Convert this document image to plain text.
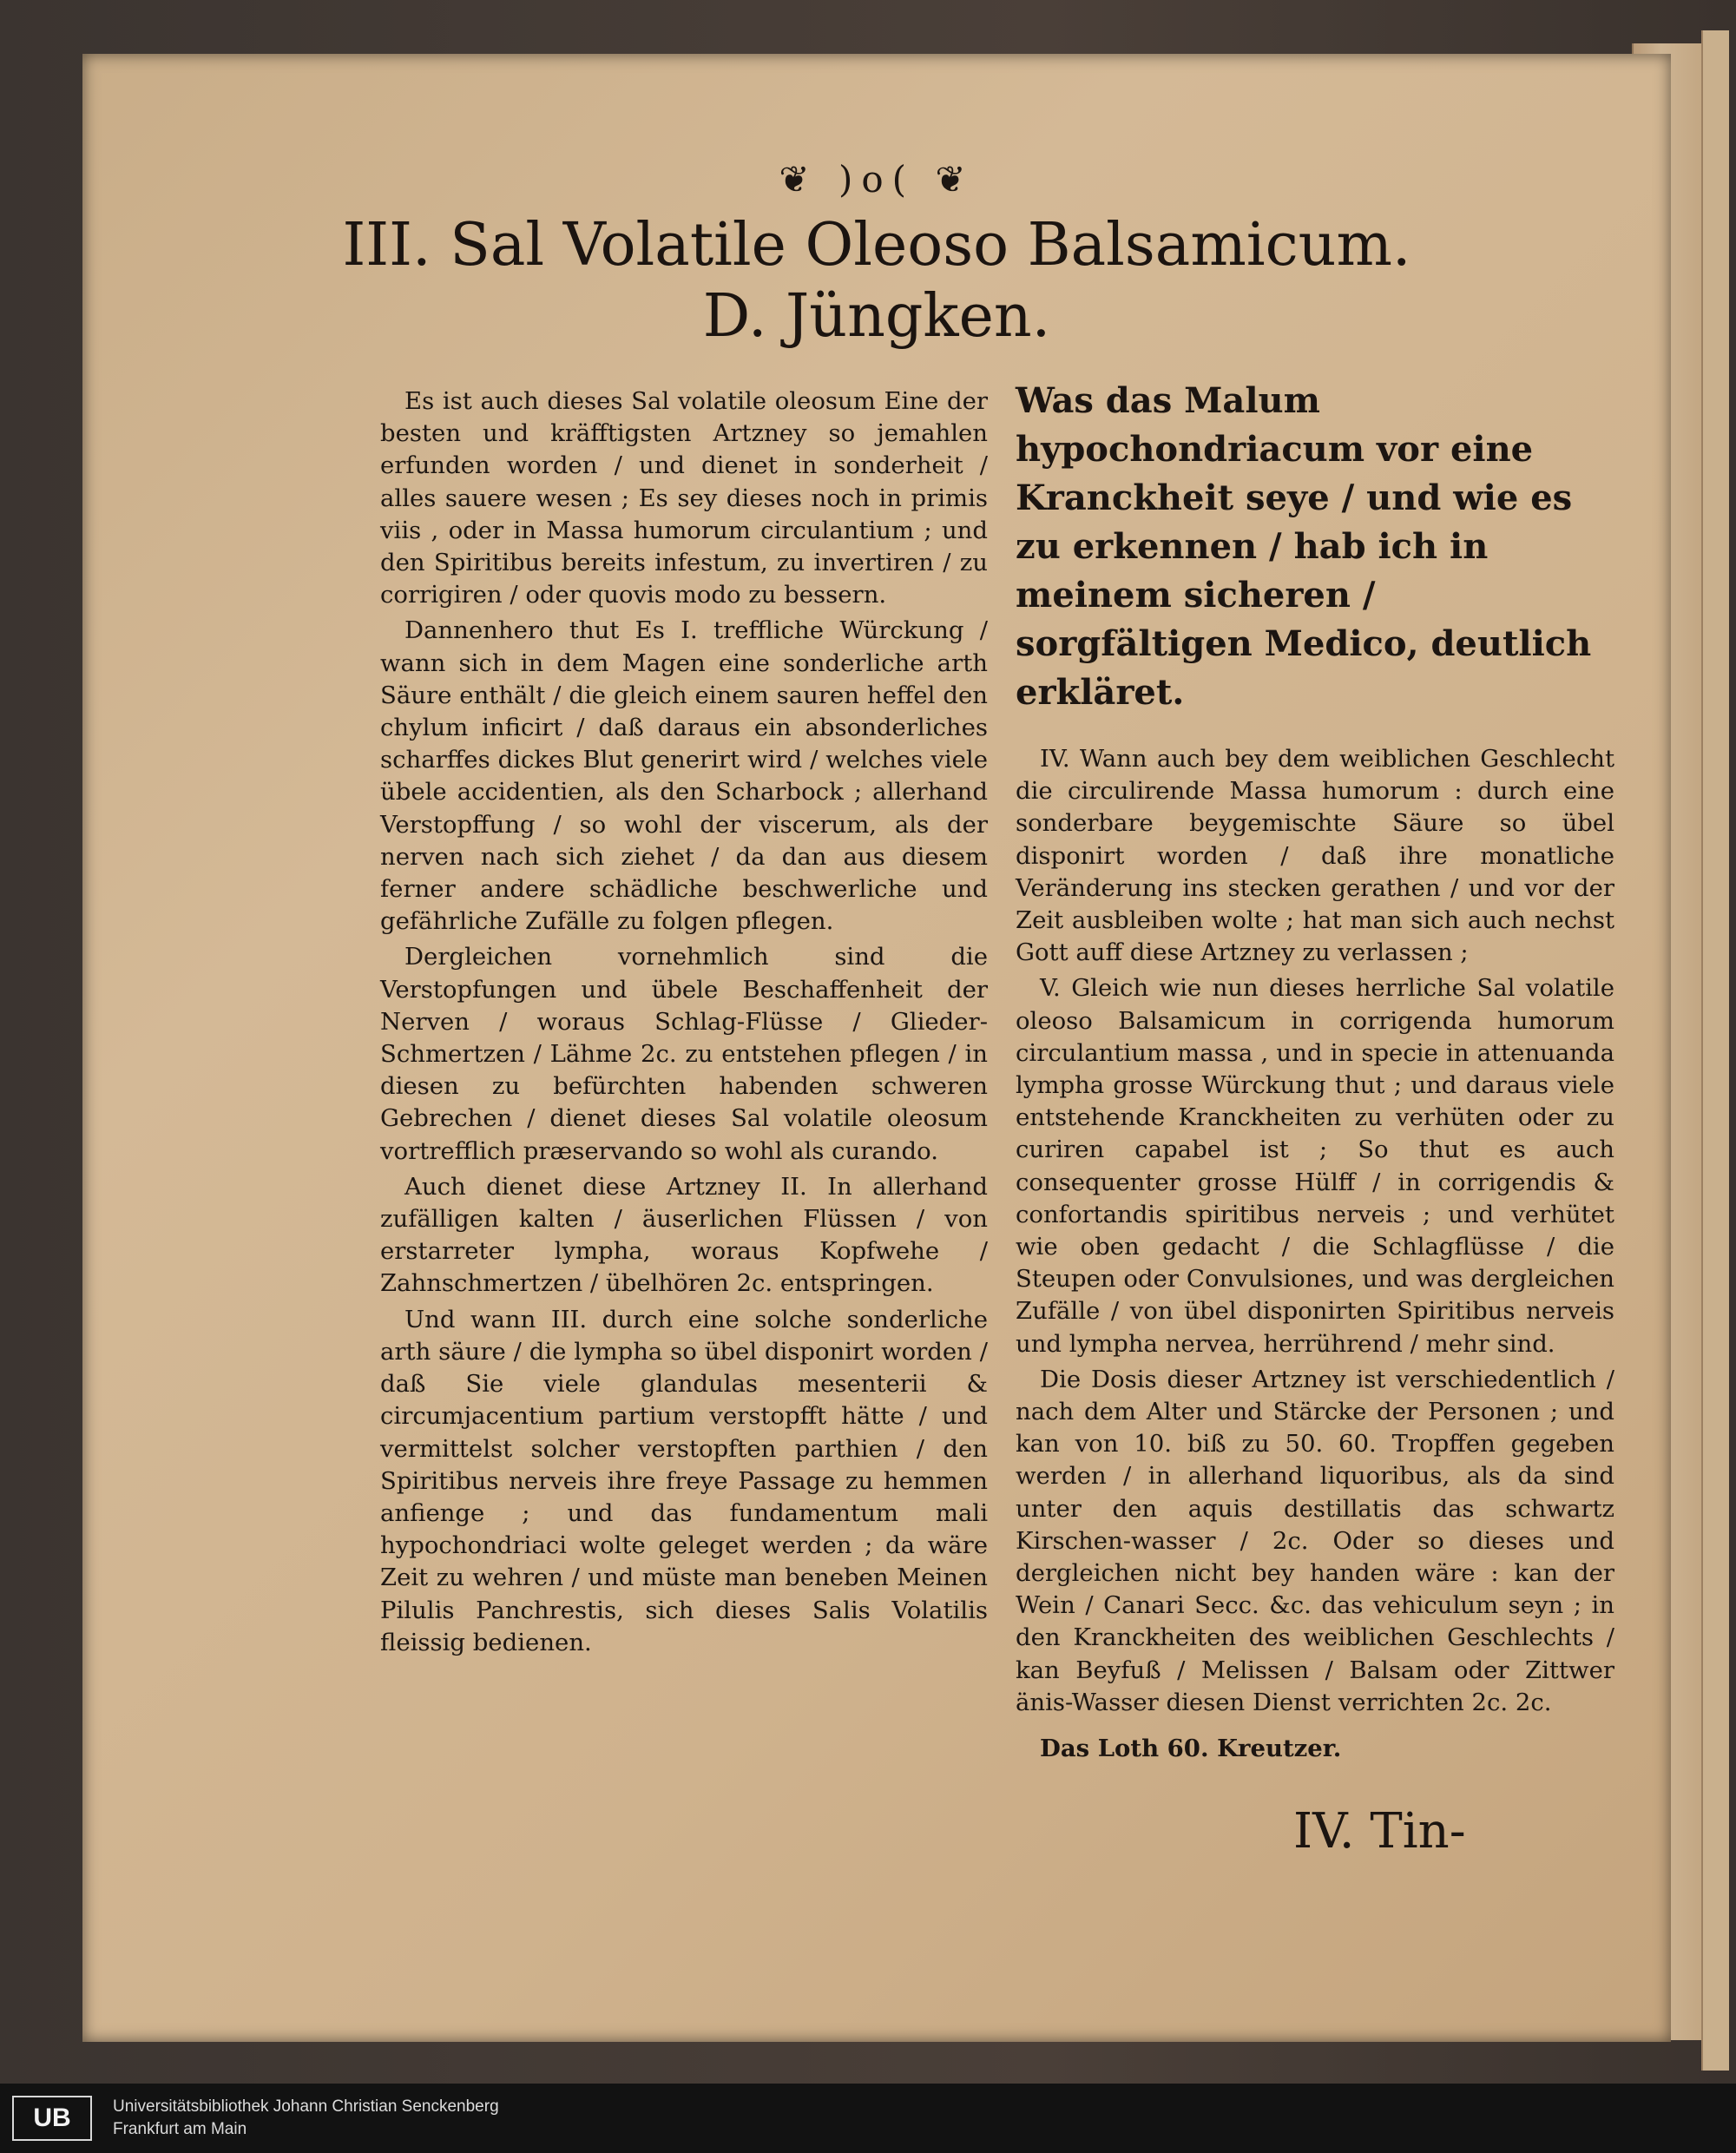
❦ )o( ❦
III. Sal Volatile Oleoso Balsamicum.
D. Jüngken.

Es ist auch dieses Sal volatile oleosum Eine der besten und kräfftigsten Artzney so jemahlen erfunden worden / und dienet in sonderheit / alles sauere wesen ; Es sey dieses noch in primis viis , oder in Massa humorum circulantium ; und den Spiritibus bereits infestum, zu invertiren / zu corrigiren / oder quovis modo zu bessern.

Dannenhero thut Es I. treffliche Würckung / wann sich in dem Magen eine sonderliche arth Säure enthält / die gleich einem sauren heffel den chylum inficirt / daß daraus ein absonderliches scharffes dickes Blut generirt wird / welches viele übele accidentien, als den Scharbock ; allerhand Verstopffung / so wohl der viscerum, als der nerven nach sich ziehet / da dan aus diesem ferner andere schädliche beschwerliche und gefährliche Zufälle zu folgen pflegen.

Dergleichen vornehmlich sind die Verstopfungen und übele Beschaffenheit der Nerven / woraus Schlag-Flüsse / Glieder-Schmertzen / Lähme 2c. zu entstehen pflegen / in diesen zu befürchten habenden schweren Gebrechen / dienet dieses Sal volatile oleosum vortrefflich præservando so wohl als curando.

Auch dienet diese Artzney II. In allerhand zufälligen kalten / äuserlichen Flüssen / von erstarreter lympha, woraus Kopfwehe / Zahnschmertzen / übelhören 2c. entspringen.

Und wann III. durch eine solche sonderliche arth säure / die lympha so übel disponirt worden / daß Sie viele glandulas mesenterii & circumjacentium partium verstopfft hätte / und vermittelst solcher verstopften parthien / den Spiritibus nerveis ihre freye Passage zu hemmen anfienge ; und das fundamentum mali hypochondriaci wolte geleget werden ; da wäre Zeit zu wehren / und müste man beneben Meinen Pilulis Panchrestis, sich dieses Salis Volatilis fleissig bedienen.

Was das Malum hypochondriacum vor eine Kranckheit seye / und wie es zu erkennen / hab ich in meinem sicheren / sorgfältigen Medico, deutlich erkläret.

IV. Wann auch bey dem weiblichen Geschlecht die circulirende Massa humorum : durch eine sonderbare beygemischte Säure so übel disponirt worden / daß ihre monatliche Veränderung ins stecken gerathen / und vor der Zeit ausbleiben wolte ; hat man sich auch nechst Gott auff diese Artzney zu verlassen ;

V. Gleich wie nun dieses herrliche Sal volatile oleoso Balsamicum in corrigenda humorum circulantium massa , und in specie in attenuanda lympha grosse Würckung thut ; und daraus viele entstehende Kranckheiten zu verhüten oder zu curiren capabel ist ; So thut es auch consequenter grosse Hülff / in corrigendis & confortandis spiritibus nerveis ; und verhütet wie oben gedacht / die Schlagflüsse / die Steupen oder Convulsiones, und was dergleichen Zufälle / von übel disponirten Spiritibus nerveis und lympha nervea, herrührend / mehr sind.

Die Dosis dieser Artzney ist verschiedentlich / nach dem Alter und Stärcke der Personen ; und kan von 10. biß zu 50. 60. Tropffen gegeben werden / in allerhand liquoribus, als da sind unter den aquis destillatis das schwartz Kirschen-wasser / 2c. Oder so dieses und dergleichen nicht bey handen wäre : kan der Wein / Canari Secc. &c. das vehiculum seyn ; in den Kranckheiten des weiblichen Geschlechts / kan Beyfuß / Melissen / Balsam oder Zittwer änis-Wasser diesen Dienst verrichten 2c. 2c.

Das Loth 60. Kreutzer.

IV. Tin-
UB	Universitätsbibliothek Johann Christian Senckenberg
Frankfurt am Main
